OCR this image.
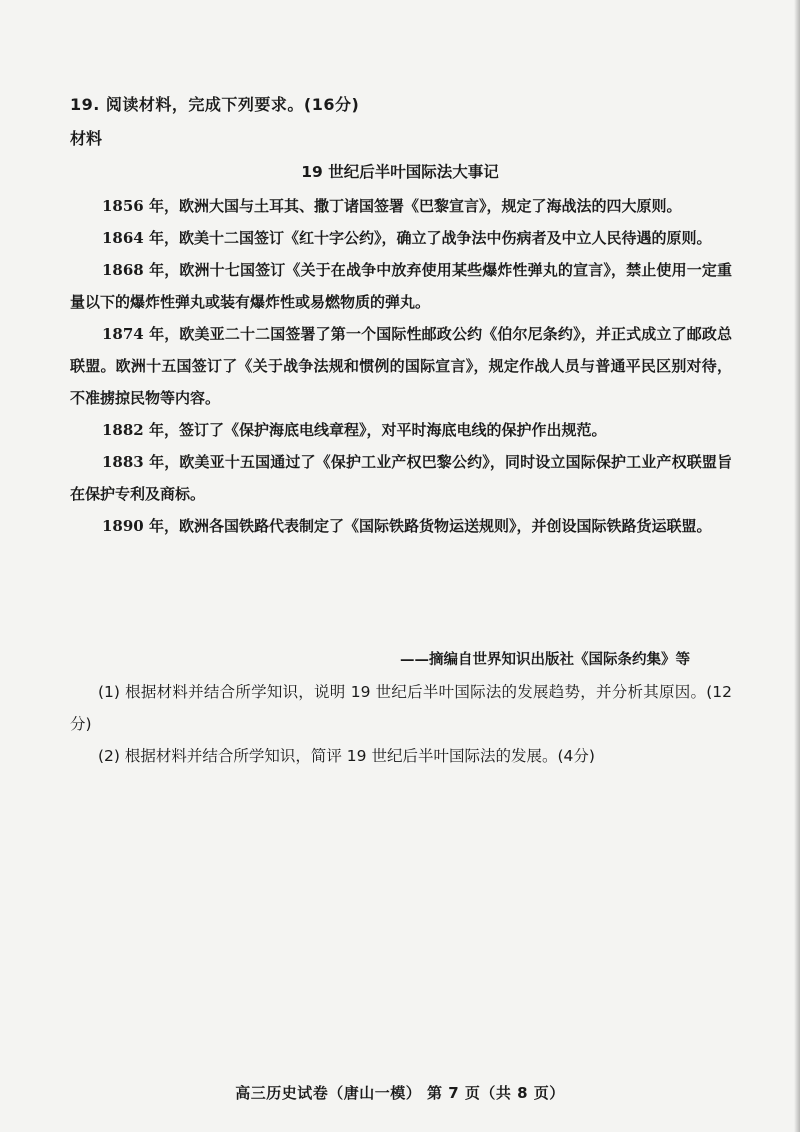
19. 阅读材料，完成下列要求。(16分)
材料
19 世纪后半叶国际法大事记

1856 年，欧洲大国与土耳其、撒丁诸国签署《巴黎宣言》，规定了海战法的四大原则。

1864 年，欧美十二国签订《红十字公约》，确立了战争法中伤病者及中立人民待遇的原则。

1868 年，欧洲十七国签订《关于在战争中放弃使用某些爆炸性弹丸的宣言》，禁止使用一定重量以下的爆炸性弹丸或装有爆炸性或易燃物质的弹丸。

1874 年，欧美亚二十二国签署了第一个国际性邮政公约《伯尔尼条约》，并正式成立了邮政总联盟。欧洲十五国签订了《关于战争法规和惯例的国际宣言》，规定作战人员与普通平民区别对待，不准掳掠民物等内容。

1882 年，签订了《保护海底电线章程》，对平时海底电线的保护作出规范。

1883 年，欧美亚十五国通过了《保护工业产权巴黎公约》，同时设立国际保护工业产权联盟旨在保护专利及商标。

1890 年，欧洲各国铁路代表制定了《国际铁路货物运送规则》，并创设国际铁路货运联盟。

——摘编自世界知识出版社《国际条约集》等

(1) 根据材料并结合所学知识，说明 19 世纪后半叶国际法的发展趋势，并分析其原因。(12分)

(2) 根据材料并结合所学知识，简评 19 世纪后半叶国际法的发展。(4分)

高三历史试卷（唐山一模） 第 7 页（共 8 页）
